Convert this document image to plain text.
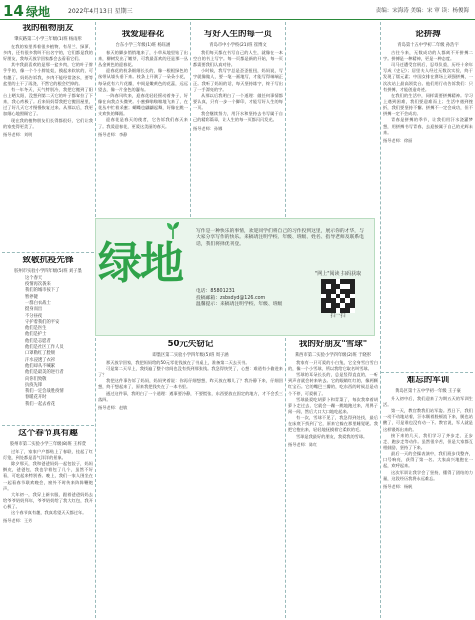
14 绿地	2022年4月13日 星期三	责编：宋海涛 美编：宋 审 读：杨俊海
我的植物朋友
肇庆路第二小学三年级(1)班 杨雨彤

在我的家里养着很多植物，有吊兰、绿萝、多肉，还有很多我叫不出名字的，它们都是我的好朋友，我每天放学回家都会去看看它们。

其中我最喜欢的是那一盆多肉，它的叶子胖乎乎的，像一个个小胖娃娃，摸起来软软的，可有趣了。妈妈告诉我，多肉不能经常浇水，要等盆里的土干了再浇，不然它的根会烂掉的。

有一年冬天，天气特别冷，我把它搬到了阳台上晒太阳，没想到第二天它的叶子都耷拉了下来，我心疼极了。后来妈妈帮我把它搬回屋里，过了好几天它才慢慢恢复过来。从那以后，我更加细心地照顾它了。

现在我的植物朋友们长得都很好，它们让我的家变得更美了。

指导老师：刘明

我爱迎春花
台东小学三年级(1)班 杨钰涵

春天的脚步悄悄地来了，小草从地里钻了出来，柳树发出了嫩芽，可我最喜欢的还是那一丛丛金黄色的迎春花。

迎春花的枝条细细长长的，像一根根绿色的丝带从墙头垂下来。枝条上开满了一朵朵小花，每朵花有六片花瓣，中间是嫩黄色的花蕊，远远望去，像一片金色的瀑布。

一阵春风吹来，迎春花轻轻摇动着身子，好像在向我点头微笑。小蜜蜂嗡嗡嗡地飞来了，在花丛中忙着采蜜；蝴蝶也翩翩起舞，好像在跳一支欢快的舞蹈。

迎春花是春天的使者，它告诉我们春天来了。我爱迎春花，更爱这美丽的春天。

指导老师：李静

写好人生的每一页
青岛市中小学校(21)班 崔博文

我们每天都在书写自己的人生，就像在一本空白的书上写字。每一页都是新的开始，每一页都需要我们认真对待。

小时候，我写字总是歪歪扭扭，妈妈说，写字就像做人，要一笔一画地写，才能写得端端正正。我听了妈妈的话，每天坚持练字，终于写出了一手漂亮的字。

从那以后我明白了一个道理：做任何事情都要认真，只有一步一个脚印，才能写好人生的每一页。

我会继续努力，用汗水和坚持去书写属于自己的精彩篇章，让人生的每一页都闪闪发光。

指导老师：孙娜

论拼搏
青岛第十五中学初二年级 孙浩宇

古往今来，无数成功的人都离不开拼搏二字。拼搏是一种精神，更是一种态度。

司马迁遭受宫刑后，忍辱负重，历经十余年写成《史记》；居里夫人经过无数次实验，终于发现了镭元素；中国女排在赛场上顽强拼搏，一次次站上最高领奖台。他们用行动告诉我们：只有拼搏，才能创造奇迹。

在我们的生活中，同样需要拼搏精神。学习上遇到困难，我们要迎难而上；生活中遇到挫折，我们要坚持不懈。拼搏不一定会成功，但不拼搏一定不会成功。

青春是拼搏的季节，让我们用汗水浇灌梦想，用拼搏书写青春，去迎接属于自己的光辉未来。

指导老师：徐丽

致敬抗疫先锋
胶州市实验小学四年级(5)班 刘子墨
这个春天
疫情再次袭来
我们的城市按下了
暂停键
一群白衣战士
挺身而出
不分昼夜
守护着我们的平安
他们是医生
他们是护士
他们是志愿者
他们是社区工作人员
口罩勒红了脸颊
汗水浸透了衣衫
他们却从不喊累
他们是最美的逆行者
向你们致敬
抗疫先锋
我们一定会战胜疫情
春暖花开时
我们一起去看花
这个春节真有趣
胶州市第二实验小学三年级(8)班 王梓萱

过年了，家家户户都贴上了春联，挂起了红灯笼，到处都是喜气洋洋的景象。

除夕那天，我和爸爸妈妈一起包饺子，妈妈擀皮，爸爸包，我也学着包了几个，虽然不好看，可吃起来特别香。晚上，我们一家人围坐在一起看春节联欢晚会，窗外不时传来阵阵鞭炮声。

大年初一，我穿上新衣服，跟着爸爸妈妈去给爷爷奶奶拜年，爷爷奶奶给了我大红包，我开心极了。

这个春节真有趣，我真希望天天都过年。

指导老师：王芳

绿地
写作是一种快乐的事情，欢迎同学们将自己的习作投到这里，展示你的才华，与大家分享写作的快乐。来稿请注明学校、年级、班级、姓名、指导老师及联系电话，我们将择优刊登。
电话：85801231
投稿邮箱：zsbsdyd@126.com
温馨提示：来稿请注明学校、年级、班级
"网上"阅读 扫码获取
扫一扫
50元失窃记
即墨区第二实验小学四年级(5)班 周子涵

那天放学回家，我把妈妈给的50元零花钱放在了书桌上，准备第二天去买书。

可是第二天早上，我找遍了整个房间也没有找到那张钱。我急得快哭了，心想：难道有小偷进来了？

我把这件事告诉了妈妈，妈妈笑着说：你再仔细想想，昨天放在哪儿了？我冷静下来，仔细回想，终于想起来了，原来我把钱夹在了一本书里。

通过这件事，我明白了一个道理：遇事要冷静，不要慌张，东西要放在固定的地方，才不会丢三落四。

指导老师：赵敏

我的好朋友"雪球"
莱西市第二实验小学四年级(2)班 于晓彤

我家有一只可爱的小白兔，它全身雪白雪白的，像一个小雪球，所以我给它取名叫雪球。

雪球的耳朵长长的，总是竖得直直的，一听到声音就会转来转去。它的眼睛红红的，像两颗红宝石。它的嘴巴三瓣的，吃东西的时候总是动个不停，可爱极了。

雪球最爱吃胡萝卜和青菜了，每次我拿着胡萝卜走过去，它就会一蹦一跳地跑过来，用鼻子闻一闻，然后大口大口地吃起来。

有一次，雪球不见了，我急得到处找，最后在床底下找到了它，原来它躲在那里睡觉呢。我把它抱出来，轻轻地抚摸着它柔软的毛。

雪球是我最好的朋友，我爱我的雪球。

指导老师：陈红

难忘的军训
黄岛区第十五中学初一年级 王子豪

升入初中后，我们迎来了为期五天的军训生活。

第一天，教官教我们站军姿。烈日下，我们一动不动地站着，汗水顺着脸颊流下来，腿也站酸了，可是谁也没有动一下。教官说，军人就是这样锻炼出来的。

接下来的几天，我们学习了齐步走、正步走、跑步走等动作。虽然很辛苦，但是大家都互相鼓励，坚持了下来。

最后一天的会操表演中，我们班步伐整齐，口号响亮，获得了第一名。大家高兴地抱在一起，欢呼起来。

这次军训让我学会了坚持，懂得了团结的力量，这段经历我将永远难忘。

指导老师：杨帆
